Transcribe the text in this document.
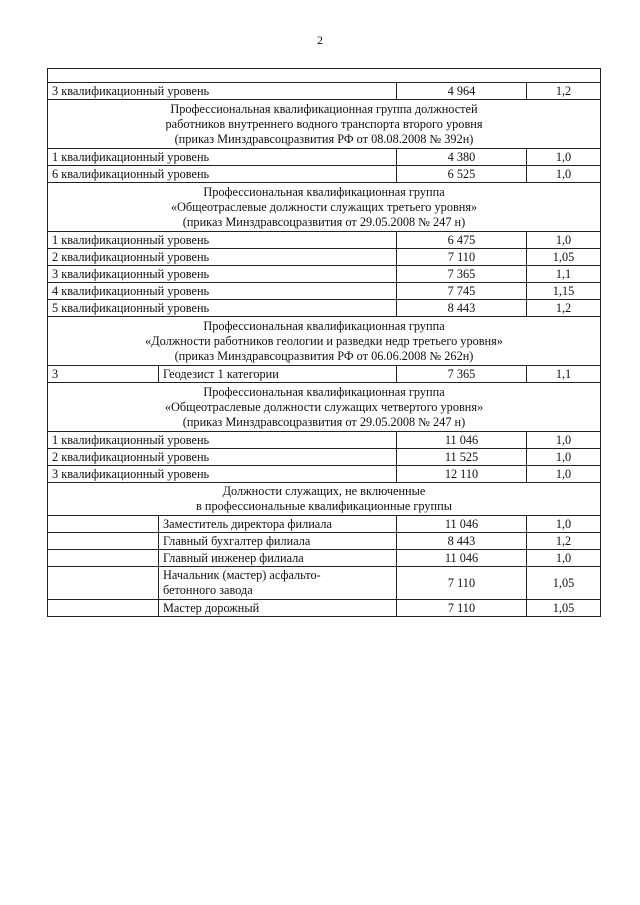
2

3 квалификационный уровень		4 964	1,2

Профессиональная квалификационная группа должностей
работников внутреннего водного транспорта второго уровня
(приказ Минздравсоцразвития РФ от 08.08.2008 № 392н)			

1 квалификационный уровень		4 380	1,0
6 квалификационный уровень		6 525	1,0

Профессиональная квалификационная группа
«Общеотраслевые должности служащих третьего уровня»
(приказ Минздравсоцразвития от 29.05.2008 № 247 н)			

1 квалификационный уровень		6 475	1,0
2 квалификационный уровень		7 110	1,05
3 квалификационный уровень		7 365	1,1
4 квалификационный уровень		7 745	1,15
5 квалификационный уровень		8 443	1,2

Профессиональная квалификационная группа
«Должности работников геологии и разведки недр третьего уровня»
(приказ Минздравсоцразвития РФ от 06.06.2008 № 262н)			

3	Геодезист 1 категории	7 365	1,1

Профессиональная квалификационная группа
«Общеотраслевые должности служащих четвертого уровня»
(приказ Минздравсоцразвития от 29.05.2008 № 247 н)			

1 квалификационный уровень		11 046	1,0
2 квалификационный уровень		11 525	1,0
3 квалификационный уровень		12 110	1,0

Должности служащих, не включенные
в профессиональные квалификационные группы			

	Заместитель директора филиала	11 046	1,0
	Главный бухгалтер филиала	8 443	1,2
	Главный инженер филиала	11 046	1,0
	Начальник (мастер) асфальто-
бетонного завода	7 110	1,05
	Мастер дорожный	7 110	1,05
